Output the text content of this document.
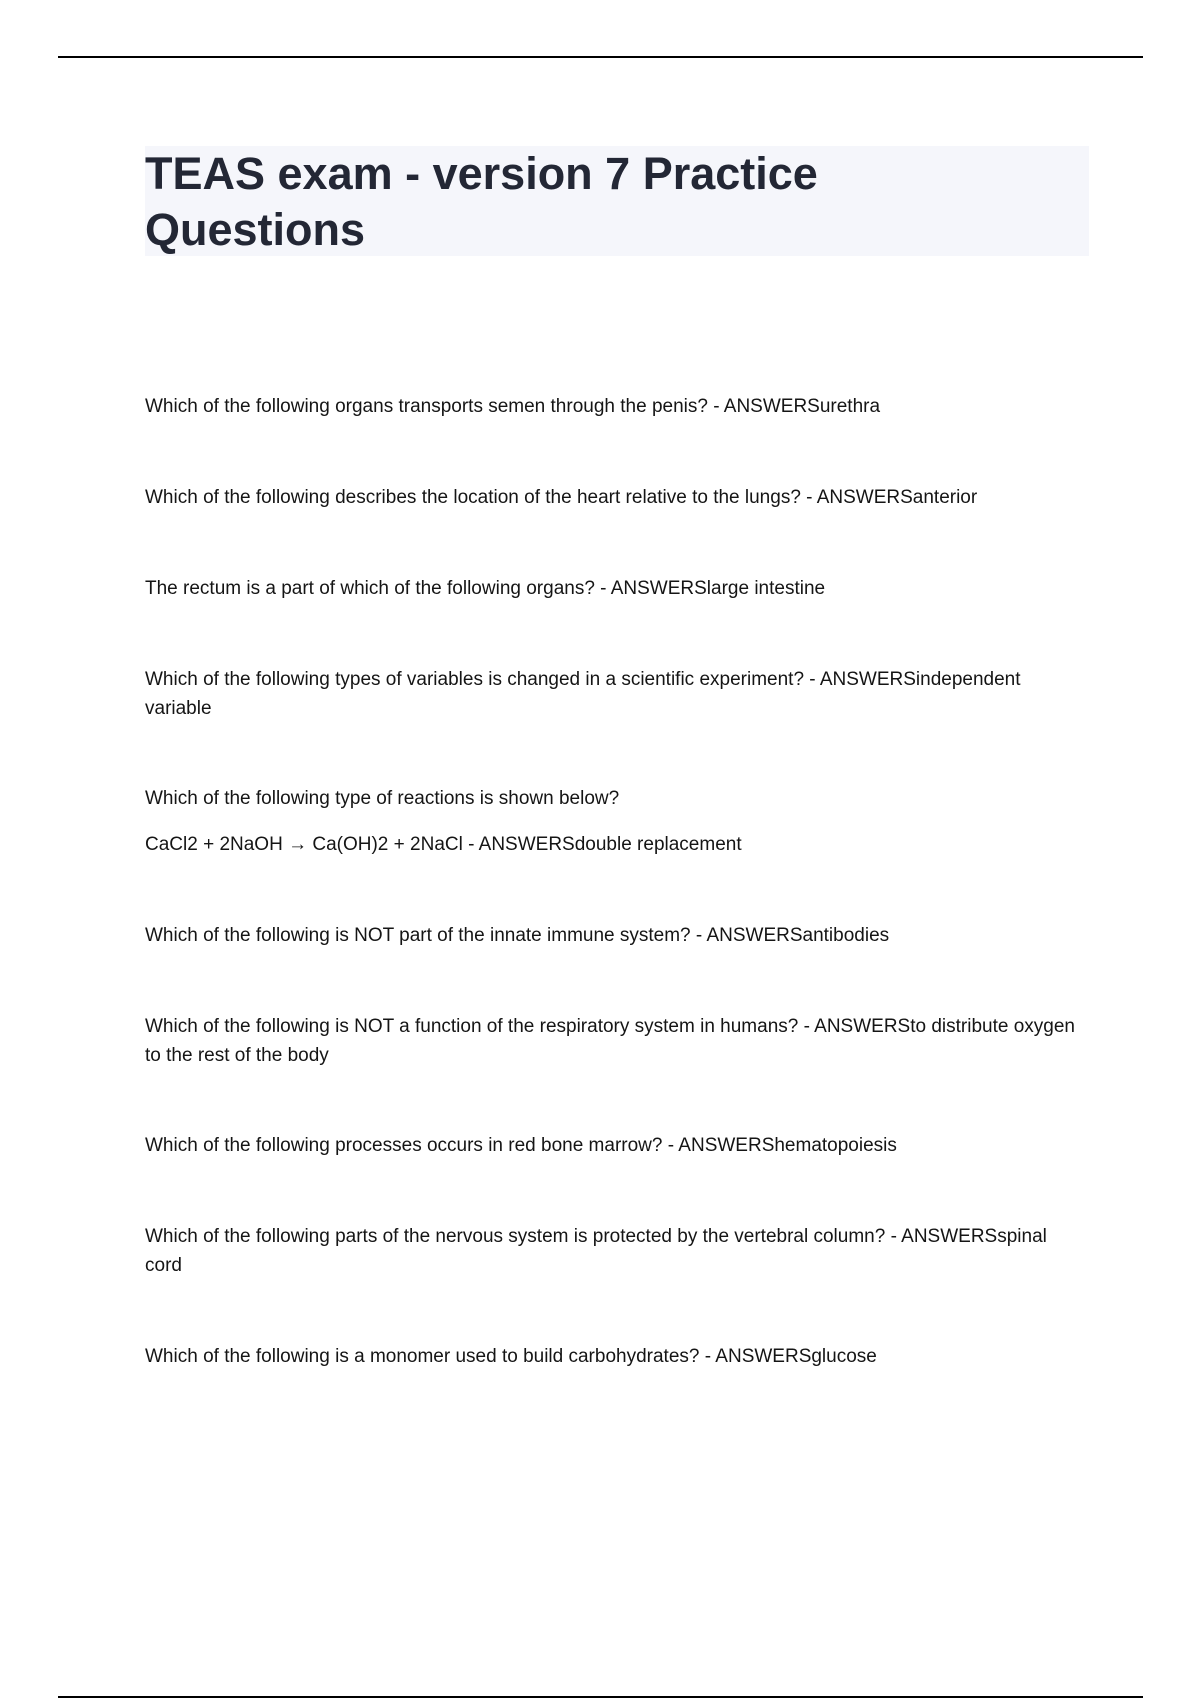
TEAS exam - version 7 Practice Questions

Which of the following organs transports semen through the penis? - ANSWERSurethra

Which of the following describes the location of the heart relative to the lungs? - ANSWERSanterior

The rectum is a part of which of the following organs? - ANSWERSlarge intestine

Which of the following types of variables is changed in a scientific experiment? - ANSWERSindependent variable

Which of the following type of reactions is shown below?

CaCl2 + 2NaOH → Ca(OH)2 + 2NaCl - ANSWERSdouble replacement

Which of the following is NOT part of the innate immune system? - ANSWERSantibodies

Which of the following is NOT a function of the respiratory system in humans? - ANSWERSto distribute oxygen to the rest of the body

Which of the following processes occurs in red bone marrow? - ANSWERShematopoiesis

Which of the following parts of the nervous system is protected by the vertebral column? - ANSWERSspinal cord

Which of the following is a monomer used to build carbohydrates? - ANSWERSglucose
